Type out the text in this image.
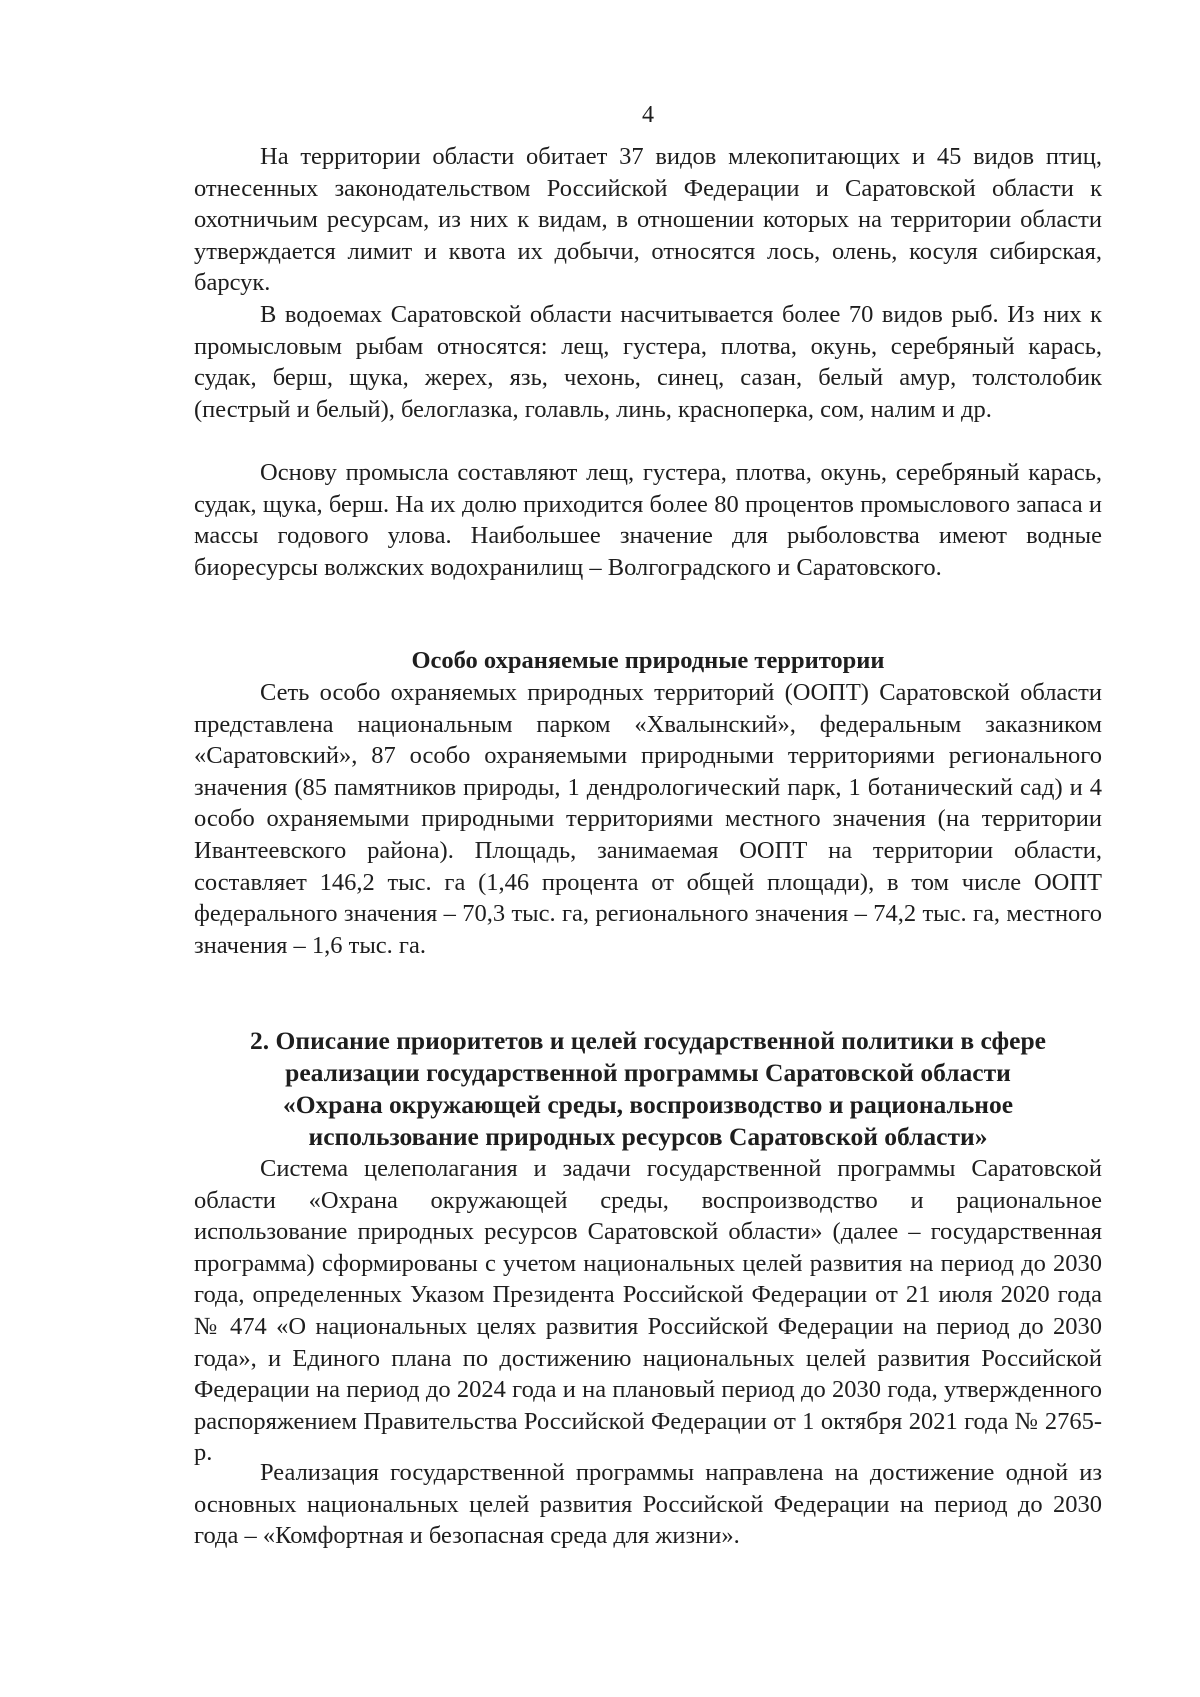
4

На территории области обитает 37 видов млекопитающих и 45 видов птиц, отнесенных законодательством Российской Федерации и Саратовской области к охотничьим ресурсам, из них к видам, в отношении которых на территории области утверждается лимит и квота их добычи, относятся лось, олень, косуля сибирская, барсук.

В водоемах Саратовской области насчитывается более 70 видов рыб. Из них к промысловым рыбам относятся: лещ, густера, плотва, окунь, серебряный карась, судак, берш, щука, жерех, язь, чехонь, синец, сазан, белый амур, толстолобик (пестрый и белый), белоглазка, голавль, линь, красноперка, сом, налим и др.

Основу промысла составляют лещ, густера, плотва, окунь, серебряный карась, судак, щука, берш. На их долю приходится более 80 процентов промыслового запаса и массы годового улова. Наибольшее значение для рыболовства имеют водные биоресурсы волжских водохранилищ – Волгоградского и Саратовского.

Особо охраняемые природные территории

Сеть особо охраняемых природных территорий (ООПТ) Саратовской области представлена национальным парком «Хвалынский», федеральным заказником «Саратовский», 87 особо охраняемыми природными территориями регионального значения (85 памятников природы, 1 дендрологический парк, 1 ботанический сад) и 4 особо охраняемыми природными территориями местного значения (на территории Ивантеевского района). Площадь, занимаемая ООПТ на территории области, составляет 146,2 тыс. га (1,46 процента от общей площади), в том числе ООПТ федерального значения – 70,3 тыс. га, регионального значения – 74,2 тыс. га, местного значения – 1,6 тыс. га.

2. Описание приоритетов и целей государственной политики в сфере
реализации государственной программы Саратовской области
«Охрана окружающей среды, воспроизводство и рациональное
использование природных ресурсов Саратовской области»

Система целеполагания и задачи государственной программы Саратовской области «Охрана окружающей среды, воспроизводство и рациональное использование природных ресурсов Саратовской области» (далее – государственная программа) сформированы с учетом национальных целей развития на период до 2030 года, определенных Указом Президента Российской Федерации от 21 июля 2020 года № 474 «О национальных целях развития Российской Федерации на период до 2030 года», и Единого плана по достижению национальных целей развития Российской Федерации на период до 2024 года и на плановый период до 2030 года, утвержденного распоряжением Правительства Российской Федерации от 1 октября 2021 года № 2765-р.

Реализация государственной программы направлена на достижение одной из основных национальных целей развития Российской Федерации на период до 2030 года – «Комфортная и безопасная среда для жизни».
